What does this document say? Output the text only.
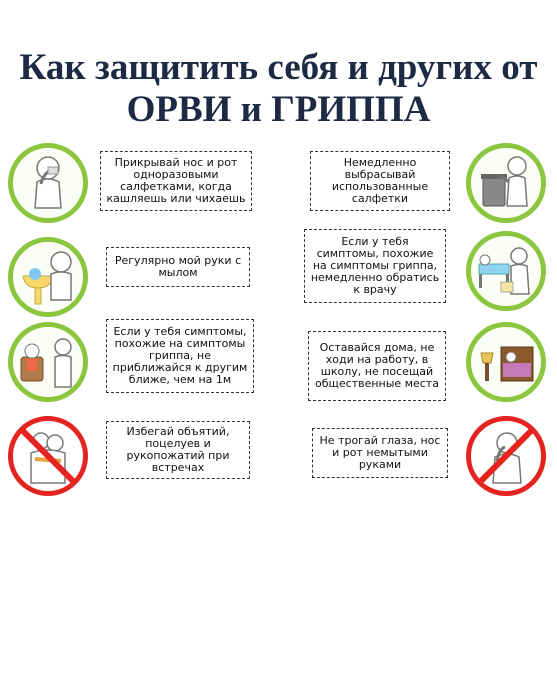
Как защитить себя и других от
ОРВИ и ГРИППА
Прикрывай нос и рот одноразовыми салфетками, когда кашляешь или чихаешь
Немедленно выбрасывай использованные салфетки
Регулярно мой руки с мылом
Если у тебя симптомы, похожие на симптомы гриппа, немедленно обратись к врачу
Если у тебя симптомы, похожие на симптомы гриппа, не приближайся к другим ближе, чем на 1м
Оставайся дома, не ходи на работу, в школу, не посещай общественные места
Избегай объятий, поцелуев и рукопожатий при встречах
Не трогай глаза, нос и рот немытыми руками
